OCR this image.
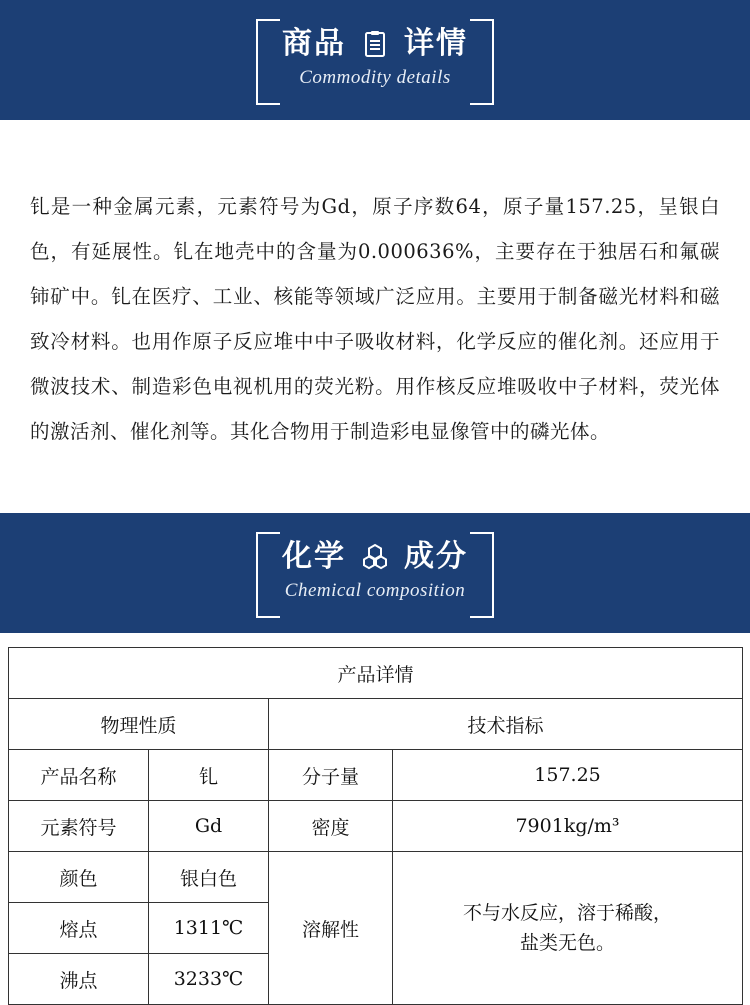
商品 详情
Commodity details

钆是一种金属元素，元素符号为Gd，原子序数64，原子量157.25，呈银白色，有延展性。钆在地壳中的含量为0.000636%，主要存在于独居石和氟碳铈矿中。钆在医疗、工业、核能等领域广泛应用。主要用于制备磁光材料和磁致冷材料。也用作原子反应堆中中子吸收材料，化学反应的催化剂。还应用于微波技术、制造彩色电视机用的荧光粉。用作核反应堆吸收中子材料，荧光体的激活剂、催化剂等。其化合物用于制造彩电显像管中的磷光体。

化学 成分
Chemical composition
产品详情			
物理性质		技术指标	
产品名称	钆	分子量	157.25
元素符号	Gd	密度	7901kg/m³
颜色	银白色	溶解性	不与水反应，溶于稀酸，
盐类无色。
熔点	1311℃		
沸点	3233℃		
